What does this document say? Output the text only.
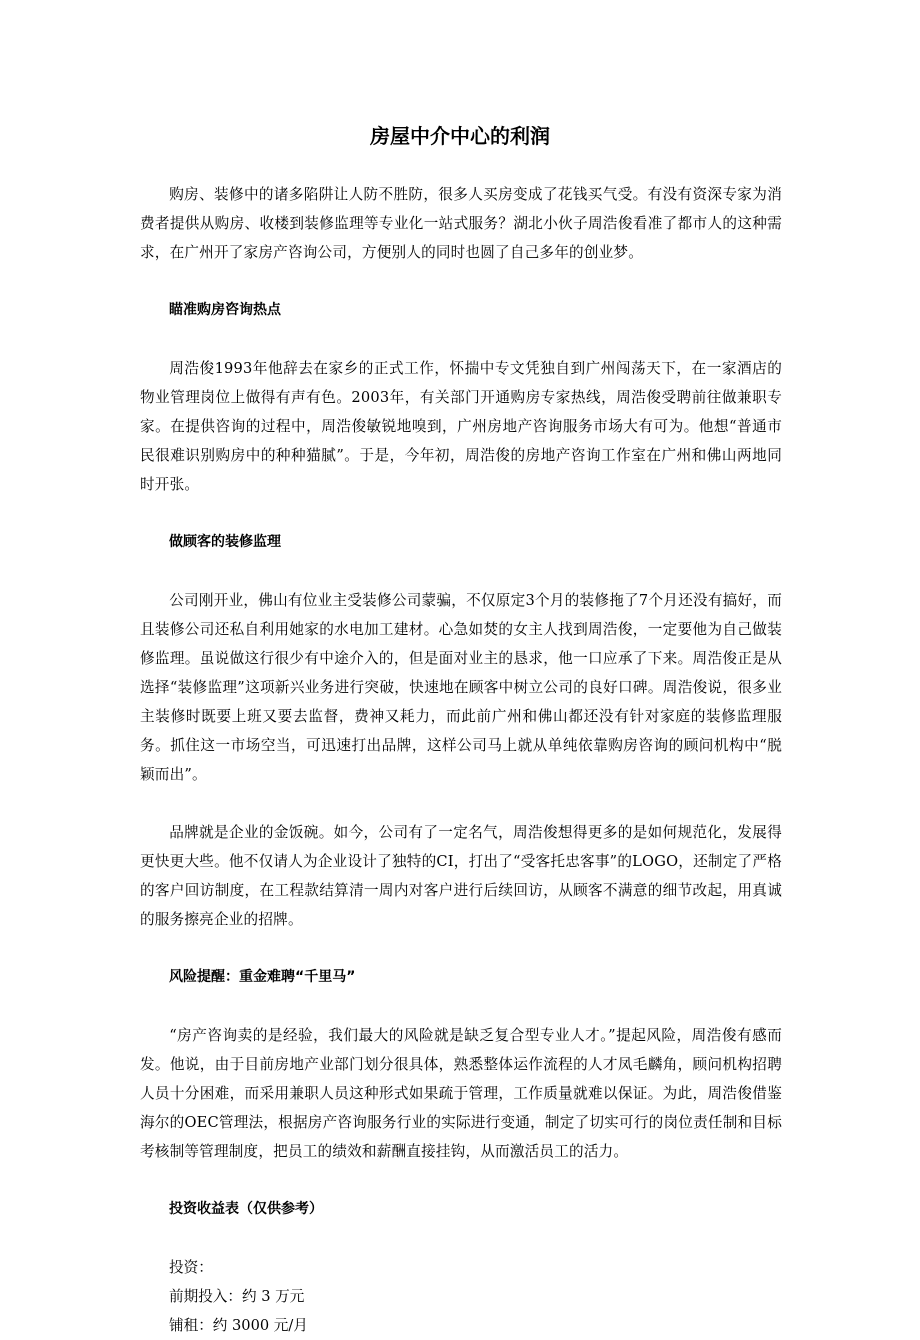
房屋中介中心的利润

购房、装修中的诸多陷阱让人防不胜防，很多人买房变成了花钱买气受。有没有资深专家为消费者提供从购房、收楼到装修监理等专业化一站式服务？湖北小伙子周浩俊看准了都市人的这种需求，在广州开了家房产咨询公司，方便别人的同时也圆了自己多年的创业梦。

瞄准购房咨询热点

周浩俊1993年他辞去在家乡的正式工作，怀揣中专文凭独自到广州闯荡天下，在一家酒店的物业管理岗位上做得有声有色。2003年，有关部门开通购房专家热线，周浩俊受聘前往做兼职专家。在提供咨询的过程中，周浩俊敏锐地嗅到，广州房地产咨询服务市场大有可为。他想“普通市民很难识别购房中的种种猫腻”。于是，今年初，周浩俊的房地产咨询工作室在广州和佛山两地同时开张。

做顾客的装修监理

公司刚开业，佛山有位业主受装修公司蒙骗，不仅原定3个月的装修拖了7个月还没有搞好，而且装修公司还私自利用她家的水电加工建材。心急如焚的女主人找到周浩俊，一定要他为自己做装修监理。虽说做这行很少有中途介入的，但是面对业主的恳求，他一口应承了下来。周浩俊正是从选择“装修监理”这项新兴业务进行突破，快速地在顾客中树立公司的良好口碑。周浩俊说，很多业主装修时既要上班又要去监督，费神又耗力，而此前广州和佛山都还没有针对家庭的装修监理服务。抓住这一市场空当，可迅速打出品牌，这样公司马上就从单纯依靠购房咨询的顾问机构中“脱颖而出”。

品牌就是企业的金饭碗。如今，公司有了一定名气，周浩俊想得更多的是如何规范化，发展得更快更大些。他不仅请人为企业设计了独特的CI，打出了“受客托忠客事”的LOGO，还制定了严格的客户回访制度，在工程款结算清一周内对客户进行后续回访，从顾客不满意的细节改起，用真诚的服务擦亮企业的招牌。

风险提醒：重金难聘“千里马”

“房产咨询卖的是经验，我们最大的风险就是缺乏复合型专业人才。”提起风险，周浩俊有感而发。他说，由于目前房地产业部门划分很具体，熟悉整体运作流程的人才凤毛麟角，顾问机构招聘人员十分困难，而采用兼职人员这种形式如果疏于管理，工作质量就难以保证。为此，周浩俊借鉴海尔的OEC管理法，根据房产咨询服务行业的实际进行变通，制定了切实可行的岗位责任制和目标考核制等管理制度，把员工的绩效和薪酬直接挂钩，从而激活员工的活力。

投资收益表（仅供参考）

投资：

前期投入：约 3 万元

铺租：约 3000 元/月
